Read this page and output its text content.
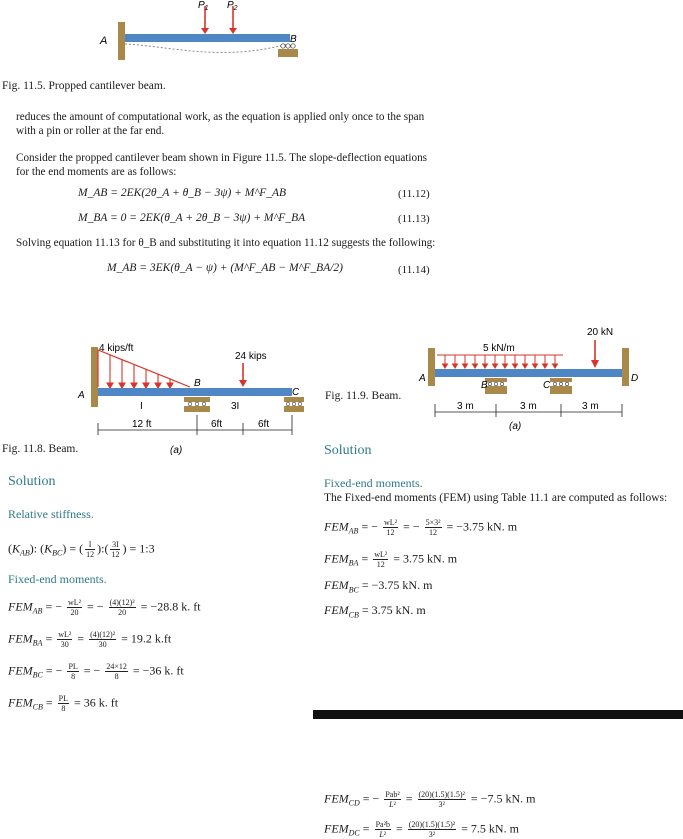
$P_1$ $P_2$
A	B
Fig. 11.5. Propped cantilever beam.
reduces the amount of computational work, as the equation is applied only once to the span with a pin or roller at the far end.
Consider the propped cantilever beam shown in Figure 11.5. The slope-deflection equations for the end moments are as follows:
M_AB = 2EK(2θ_A + θ_B − 3ψ) + M^F_AB	(11.12)
M_BA = 0 = 2EK(θ_A + 2θ_B − 3ψ) + M^F_BA	(11.13)
Solving equation 11.13 for θ_B and substituting it into equation 11.12 suggests the following:
M_AB = 3EK(θ_A − ψ) + (M^F_AB − M^F_BA/2)	(11.14)
4 kips/ft
24 kips
A
B
C
I	3I
12 ft	6ft	6ft
(a)
Fig. 11.8. Beam.
5 kN/m
20 kN
A
B	C
D
3 m	3 m	3 m
(a)
Fig. 11.9. Beam.
Solution
Relative stiffness.
$(K_{AB})$: $(K_{BC})$ = ( $\frac{I}{12}$ ):( $\frac{3I}{12}$ ) = 1:3
Fixed-end moments.
$FEM_{AB}$ = − $\frac{\text{wL²}}{20}$ = − $\frac{\text{(4)(12)²}}{20} = -28.8$ k. ft
$FEM_{BA} = \frac{\text{wL²}}{30} = \frac{\text{(4)(12)²}}{30} = 19.2$ k.ft
$FEM_{BC}$ = − $\frac{PL}{8}$ = − $\frac{24\times 12}{8} = -36$ k. ft
$FEM_{CB} = \frac{PL}{8} = 36$ k. ft
Solution
Fixed-end moments.
The Fixed-end moments (FEM) using Table 11.1 are computed as follows:
$FEM_{AB}$ = − $\frac{\text{wL²}}{12}$ = − $\frac{\text{5×3²}}{12} = -3.75$ kN. m
$FEM_{BA} = \frac{\text{wL²}}{12} = 3.75$ kN. m
$FEM_{BC} = -3.75$ kN. m
$FEM_{CB} = 3.75$ kN. m
$FEM_{CD}$ = − $\frac{\text{Pab²}}{\text{L²}} = \frac{\text{(20)(1.5)(1.5)²}}{\text{3²}} = -7.5$ kN. m
$FEM_{DC} = \frac{\text{Pa²b}}{\text{L²}} = \frac{\text{(20)(1.5)(1.5)²}}{\text{3²}} = 7.5$ kN. m
